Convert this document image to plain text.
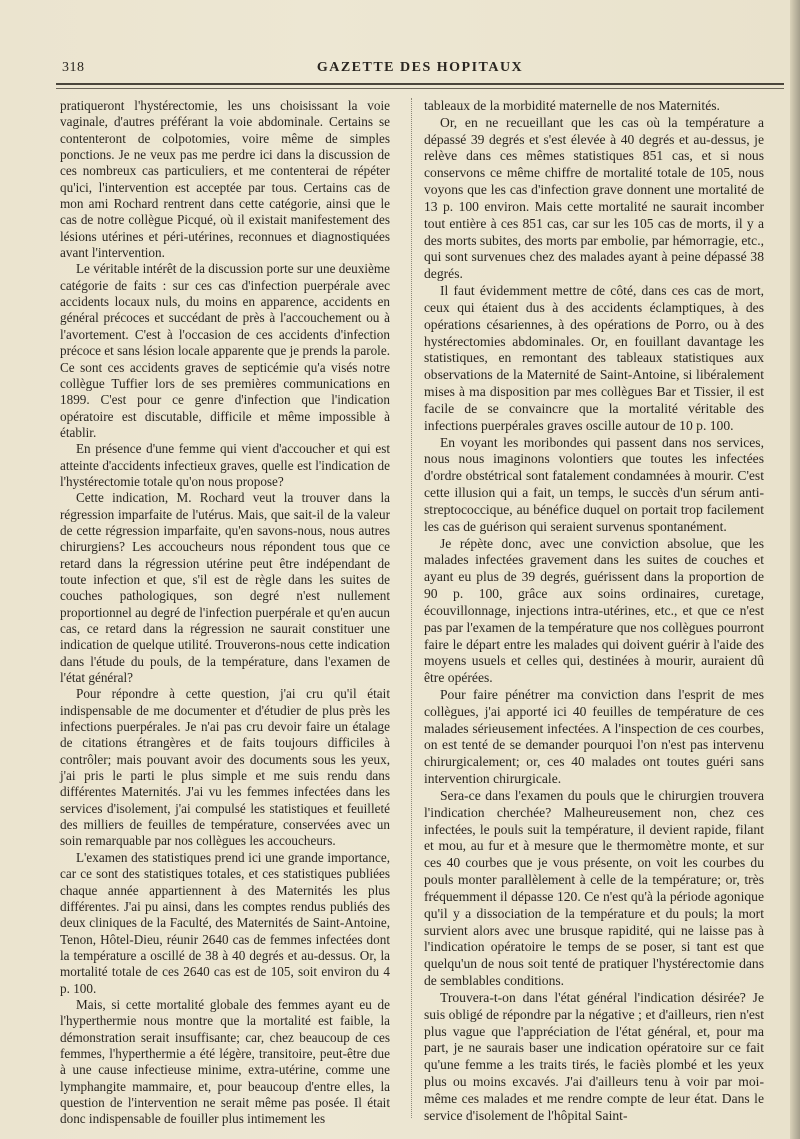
318	GAZETTE DES HOPITAUX

pratiqueront l'hystérectomie, les uns choisissant la voie vaginale, d'autres préférant la voie abdominale. Certains se contenteront de colpotomies, voire même de simples ponctions. Je ne veux pas me perdre ici dans la discussion de ces nombreux cas particuliers, et me contenterai de répéter qu'ici, l'intervention est acceptée par tous. Certains cas de mon ami Rochard rentrent dans cette catégorie, ainsi que le cas de notre collègue Picqué, où il existait manifestement des lésions utérines et péri-utérines, reconnues et diagnostiquées avant l'intervention.

Le véritable intérêt de la discussion porte sur une deuxième catégorie de faits : sur ces cas d'infection puerpérale avec accidents locaux nuls, du moins en apparence, accidents en général précoces et succédant de près à l'accouchement ou à l'avortement. C'est à l'occasion de ces accidents d'infection précoce et sans lésion locale apparente que je prends la parole. Ce sont ces accidents graves de septicémie qu'a visés notre collègue Tuffier lors de ses premières communications en 1899. C'est pour ce genre d'infection que l'indication opératoire est discutable, difficile et même impossible à établir.

En présence d'une femme qui vient d'accoucher et qui est atteinte d'accidents infectieux graves, quelle est l'indication de l'hystérectomie totale qu'on nous propose?

Cette indication, M. Rochard veut la trouver dans la régression imparfaite de l'utérus. Mais, que sait-il de la valeur de cette régression imparfaite, qu'en savons-nous, nous autres chirurgiens? Les accoucheurs nous répondent tous que ce retard dans la régression utérine peut être indépendant de toute infection et que, s'il est de règle dans les suites de couches pathologiques, son degré n'est nullement proportionnel au degré de l'infection puerpérale et qu'en aucun cas, ce retard dans la régression ne saurait constituer une indication de quelque utilité. Trouverons-nous cette indication dans l'étude du pouls, de la température, dans l'examen de l'état général?

Pour répondre à cette question, j'ai cru qu'il était indispensable de me documenter et d'étudier de plus près les infections puerpérales. Je n'ai pas cru devoir faire un étalage de citations étrangères et de faits toujours difficiles à contrôler; mais pouvant avoir des documents sous les yeux, j'ai pris le parti le plus simple et me suis rendu dans différentes Maternités. J'ai vu les femmes infectées dans les services d'isolement, j'ai compulsé les statistiques et feuilleté des milliers de feuilles de température, conservées avec un soin remarquable par nos collègues les accoucheurs.

L'examen des statistiques prend ici une grande importance, car ce sont des statistiques totales, et ces statistiques publiées chaque année appartiennent à des Maternités les plus différentes. J'ai pu ainsi, dans les comptes rendus publiés des deux cliniques de la Faculté, des Maternités de Saint-Antoine, Tenon, Hôtel-Dieu, réunir 2640 cas de femmes infectées dont la température a oscillé de 38 à 40 degrés et au-dessus. Or, la mortalité totale de ces 2640 cas est de 105, soit environ du 4 p. 100.

Mais, si cette mortalité globale des femmes ayant eu de l'hyperthermie nous montre que la mortalité est faible, la démonstration serait insuffisante; car, chez beaucoup de ces femmes, l'hyperthermie a été légère, transitoire, peut-être due à une cause infectieuse minime, extra-utérine, comme une lymphangite mammaire, et, pour beaucoup d'entre elles, la question de l'intervention ne serait même pas posée. Il était donc indispensable de fouiller plus intimement les

tableaux de la morbidité maternelle de nos Maternités.

Or, en ne recueillant que les cas où la température a dépassé 39 degrés et s'est élevée à 40 degrés et au-dessus, je relève dans ces mêmes statistiques 851 cas, et si nous conservons ce même chiffre de mortalité totale de 105, nous voyons que les cas d'infection grave donnent une mortalité de 13 p. 100 environ. Mais cette mortalité ne saurait incomber tout entière à ces 851 cas, car sur les 105 cas de morts, il y a des morts subites, des morts par embolie, par hémorragie, etc., qui sont survenues chez des malades ayant à peine dépassé 38 degrés.

Il faut évidemment mettre de côté, dans ces cas de mort, ceux qui étaient dus à des accidents éclamptiques, à des opérations césariennes, à des opérations de Porro, ou à des hystérectomies abdominales. Or, en fouillant davantage les statistiques, en remontant des tableaux statistiques aux observations de la Maternité de Saint-Antoine, si libéralement mises à ma disposition par mes collègues Bar et Tissier, il est facile de se convaincre que la mortalité véritable des infections puerpérales graves oscille autour de 10 p. 100.

En voyant les moribondes qui passent dans nos services, nous nous imaginons volontiers que toutes les infectées d'ordre obstétrical sont fatalement condamnées à mourir. C'est cette illusion qui a fait, un temps, le succès d'un sérum anti-streptococcique, au bénéfice duquel on portait trop facilement les cas de guérison qui seraient survenus spontanément.

Je répète donc, avec une conviction absolue, que les malades infectées gravement dans les suites de couches et ayant eu plus de 39 degrés, guérissent dans la proportion de 90 p. 100, grâce aux soins ordinaires, curetage, écouvillonnage, injections intra-utérines, etc., et que ce n'est pas par l'examen de la température que nos collègues pourront faire le départ entre les malades qui doivent guérir à l'aide des moyens usuels et celles qui, destinées à mourir, auraient dû être opérées.

Pour faire pénétrer ma conviction dans l'esprit de mes collègues, j'ai apporté ici 40 feuilles de température de ces malades sérieusement infectées. A l'inspection de ces courbes, on est tenté de se demander pourquoi l'on n'est pas intervenu chirurgicalement; or, ces 40 malades ont toutes guéri sans intervention chirurgicale.

Sera-ce dans l'examen du pouls que le chirurgien trouvera l'indication cherchée? Malheureusement non, chez ces infectées, le pouls suit la température, il devient rapide, filant et mou, au fur et à mesure que le thermomètre monte, et sur ces 40 courbes que je vous présente, on voit les courbes du pouls monter parallèlement à celle de la température; or, très fréquemment il dépasse 120. Ce n'est qu'à la période agonique qu'il y a dissociation de la température et du pouls; la mort survient alors avec une brusque rapidité, qui ne laisse pas à l'indication opératoire le temps de se poser, si tant est que quelqu'un de nous soit tenté de pratiquer l'hystérectomie dans de semblables conditions.

Trouvera-t-on dans l'état général l'indication désirée? Je suis obligé de répondre par la négative ; et d'ailleurs, rien n'est plus vague que l'appréciation de l'état général, et, pour ma part, je ne saurais baser une indication opératoire sur ce fait qu'une femme a les traits tirés, le faciès plombé et les yeux plus ou moins excavés. J'ai d'ailleurs tenu à voir par moi-même ces malades et me rendre compte de leur état. Dans le service d'isolement de l'hôpital Saint-
